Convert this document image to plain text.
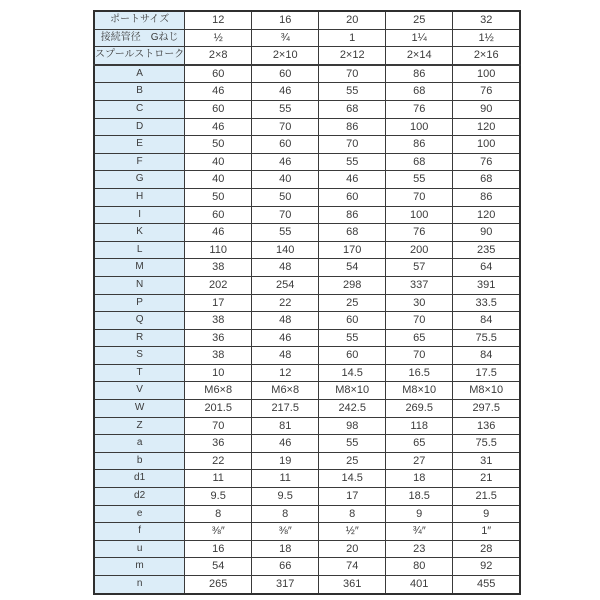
ポートサイズ	12	16	20	25	32
接続管径　Gねじ	½	¾	1	1¼	1½
スプールストローク	2×8	2×10	2×12	2×14	2×16
A	60	60	70	86	100
B	46	46	55	68	76
C	60	55	68	76	90
D	46	70	86	100	120
E	50	60	70	86	100
F	40	46	55	68	76
G	40	40	46	55	68
H	50	50	60	70	86
I	60	70	86	100	120
K	46	55	68	76	90
L	110	140	170	200	235
M	38	48	54	57	64
N	202	254	298	337	391
P	17	22	25	30	33.5
Q	38	48	60	70	84
R	36	46	55	65	75.5
S	38	48	60	70	84
T	10	12	14.5	16.5	17.5
V	M6×8	M6×8	M8×10	M8×10	M8×10
W	201.5	217.5	242.5	269.5	297.5
Z	70	81	98	118	136
a	36	46	55	65	75.5
b	22	19	25	27	31
d1	11	11	14.5	18	21
d2	9.5	9.5	17	18.5	21.5
e	8	8	8	9	9
f	⅜″	⅜″	½″	¾″	1″
u	16	18	20	23	28
m	54	66	74	80	92
n	265	317	361	401	455
